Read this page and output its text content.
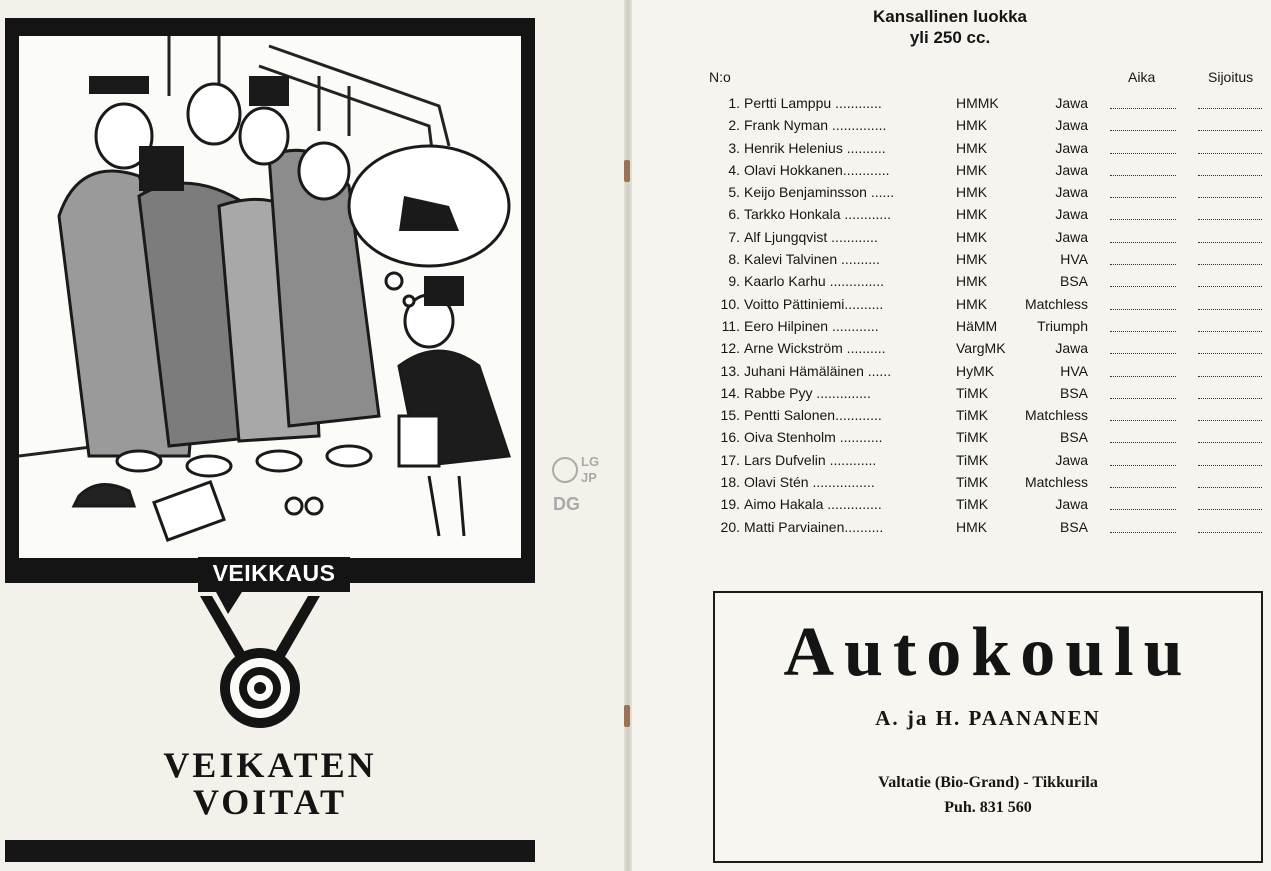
VEIKKAUS
VEIKATEN
VOITAT
LG
JP
DG
Kansallinen luokka
yli 250 cc.
N:o	Aika	Sijoitus
1. Pertti Lamppu ............	HMMK	Jawa
2. Frank Nyman ..............	HMK	Jawa
3. Henrik Helenius ..........	HMK	Jawa
4. Olavi Hokkanen............	HMK	Jawa
5. Keijo Benjaminsson ......	HMK	Jawa
6. Tarkko Honkala ............	HMK	Jawa
7. Alf Ljungqvist ............	HMK	Jawa
8. Kalevi Talvinen ..........	HMK	HVA
9. Kaarlo Karhu ..............	HMK	BSA
10. Voitto Pättiniemi..........	HMK	Matchless
11. Eero Hilpinen ............	HäMM	Triumph
12. Arne Wickström ..........	VargMK	Jawa
13. Juhani Hämäläinen ......	HyMK	HVA
14. Rabbe Pyy ..............	TiMK	BSA
15. Pentti Salonen............	TiMK	Matchless
16. Oiva Stenholm ...........	TiMK	BSA
17. Lars Dufvelin ............	TiMK	Jawa
18. Olavi Stén ................	TiMK	Matchless
19. Aimo Hakala ..............	TiMK	Jawa
20. Matti Parviainen..........	HMK	BSA
Autokoulu
A. ja H. PAANANEN
Valtatie (Bio-Grand) - Tikkurila
Puh. 831 560
